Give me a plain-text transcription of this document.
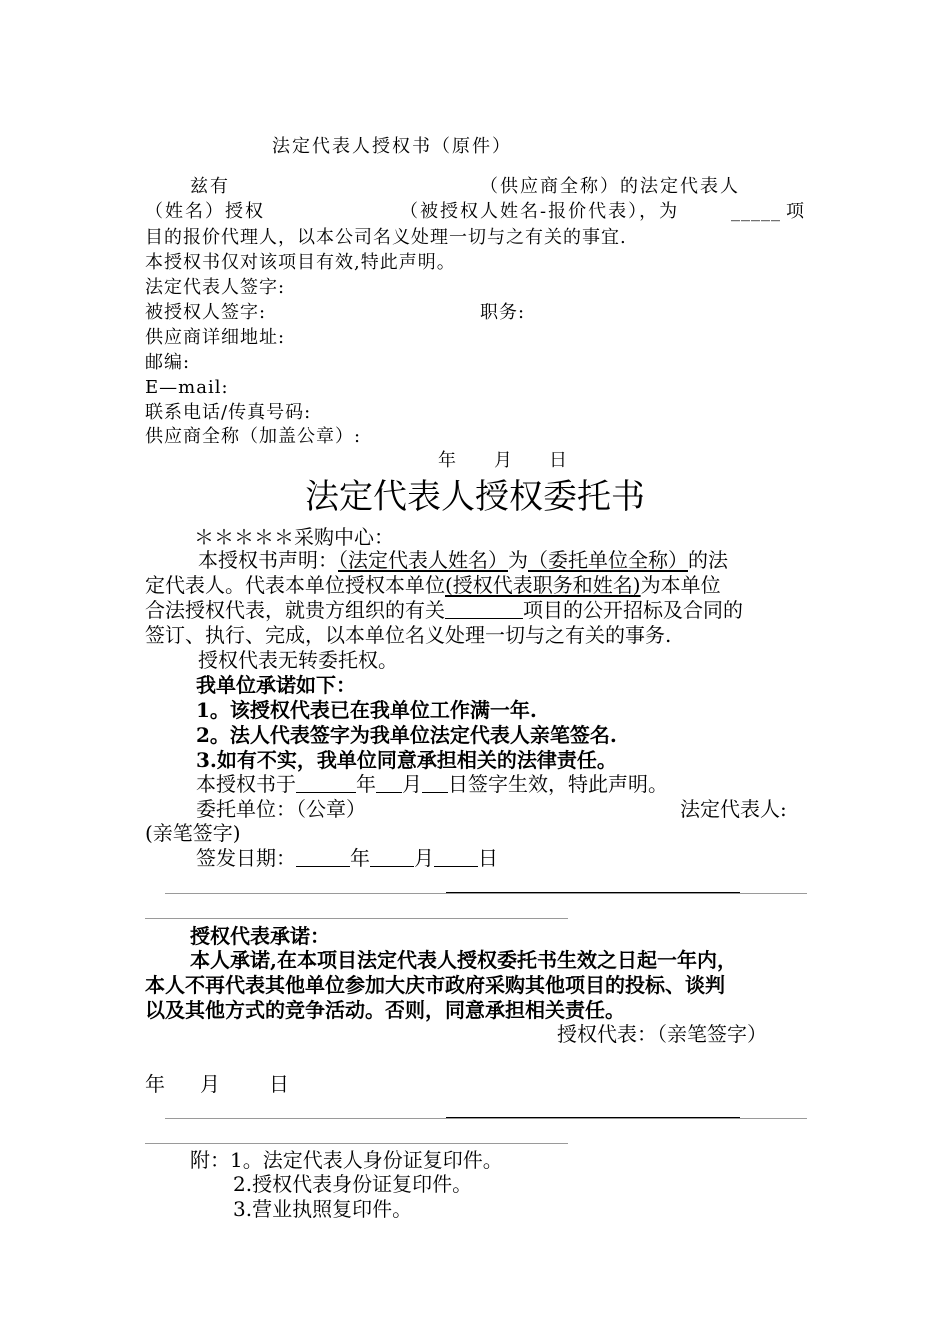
法定代表人授权书（原件）
兹有	（供应商全称）的法定代表人
（姓名）授权	（被授权人姓名-报价代表），为	_____ 项
目的报价代理人，以本公司名义处理一切与之有关的事宜.
本授权书仅对该项目有效,特此声明。
法定代表人签字:
被授权人签字:	职务:
供应商详细地址:
邮编:
E—mail:
联系电话/传真号码:
供应商全称（加盖公章）:
年 月 日
法定代表人授权委托书
＊＊＊＊＊采购中心：
本授权书声明：（法定代表人姓名）为（委托单位全称）的法
定代表人。代表本单位授权本单位(授权代表职务和姓名)为本单位
合法授权代表，就贵方组织的有关	项目的公开招标及合同的
签订、执行、完成，以本单位名义处理一切与之有关的事务.
授权代表无转委托权。
我单位承诺如下：
1。该授权代表已在我单位工作满一年.
2。法人代表签字为我单位法定代表人亲笔签名.
3.如有不实，我单位同意承担相关的法律责任。
本授权书于	年 月 日签字生效，特此声明。
委托单位：（公章）	法定代表人:
(亲笔签字)
签发日期：	年 月 日
授权代表承诺：
本人承诺,在本项目法定代表人授权委托书生效之日起一年内，
本人不再代表其他单位参加大庆市政府采购其他项目的投标、谈判
以及其他方式的竞争活动。否则，同意承担相关责任。
授权代表：（亲笔签字）
年 月 日
附：1。法定代表人身份证复印件。
2.授权代表身份证复印件。
3.营业执照复印件。
